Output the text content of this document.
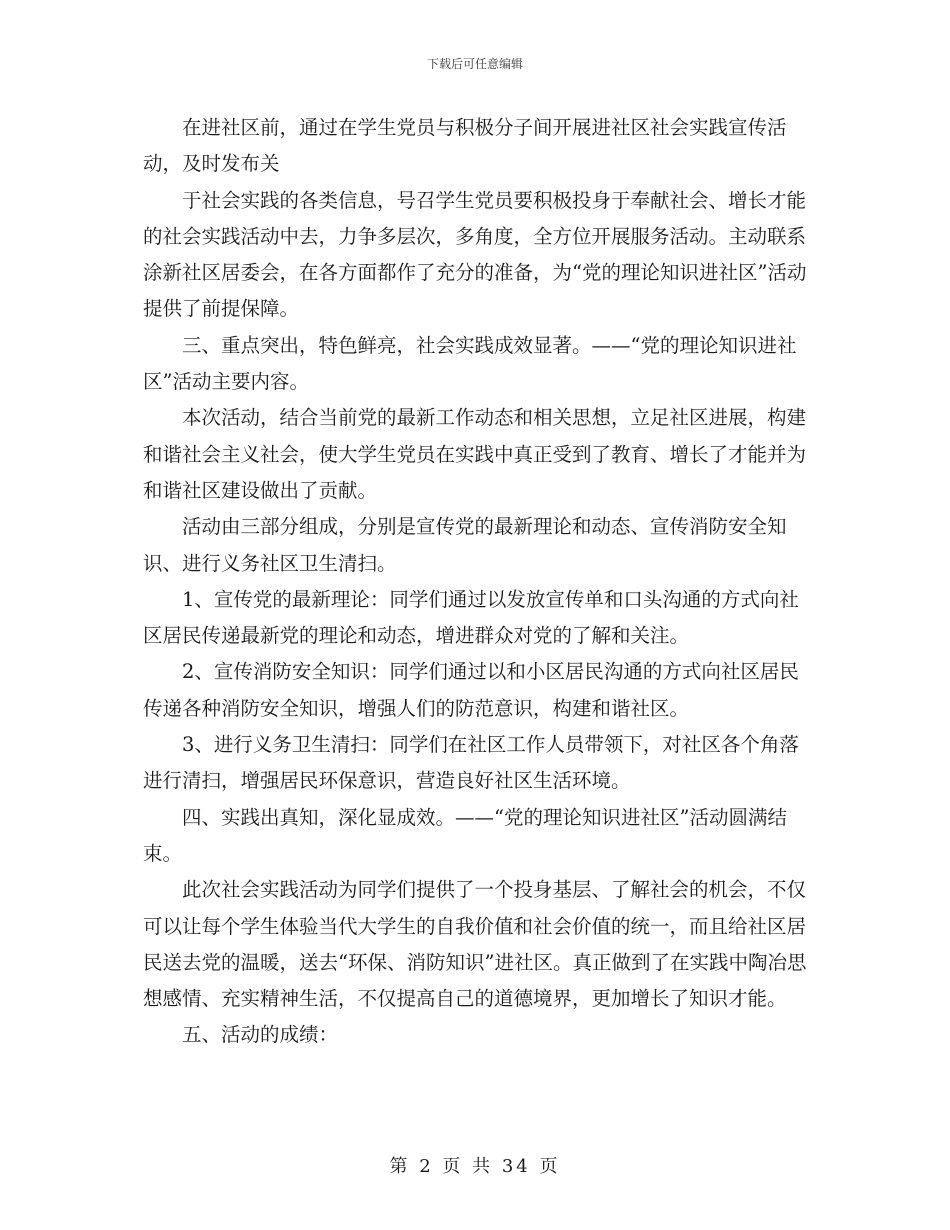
下载后可任意编辑

在进社区前，通过在学生党员与积极分子间开展进社区社会实践宣传活动，及时发布关

于社会实践的各类信息，号召学生党员要积极投身于奉献社会、增长才能的社会实践活动中去，力争多层次，多角度，全方位开展服务活动。主动联系涂新社区居委会，在各方面都作了充分的准备，为“党的理论知识进社区”活动提供了前提保障。

三、重点突出，特色鲜亮，社会实践成效显著。——“党的理论知识进社区”活动主要内容。

本次活动，结合当前党的最新工作动态和相关思想，立足社区进展，构建和谐社会主义社会，使大学生党员在实践中真正受到了教育、增长了才能并为和谐社区建设做出了贡献。

活动由三部分组成，分别是宣传党的最新理论和动态、宣传消防安全知识、进行义务社区卫生清扫。

1、宣传党的最新理论：同学们通过以发放宣传单和口头沟通的方式向社区居民传递最新党的理论和动态，增进群众对党的了解和关注。

2、宣传消防安全知识：同学们通过以和小区居民沟通的方式向社区居民传递各种消防安全知识，增强人们的防范意识，构建和谐社区。

3、进行义务卫生清扫：同学们在社区工作人员带领下，对社区各个角落进行清扫，增强居民环保意识，营造良好社区生活环境。

四、实践出真知，深化显成效。——“党的理论知识进社区”活动圆满结束。

此次社会实践活动为同学们提供了一个投身基层、了解社会的机会，不仅可以让每个学生体验当代大学生的自我价值和社会价值的统一，而且给社区居民送去党的温暖，送去“环保、消防知识”进社区。真正做到了在实践中陶冶思想感情、充实精神生活，不仅提高自己的道德境界，更加增长了知识才能。

五、活动的成绩：

第 2 页 共 34 页
